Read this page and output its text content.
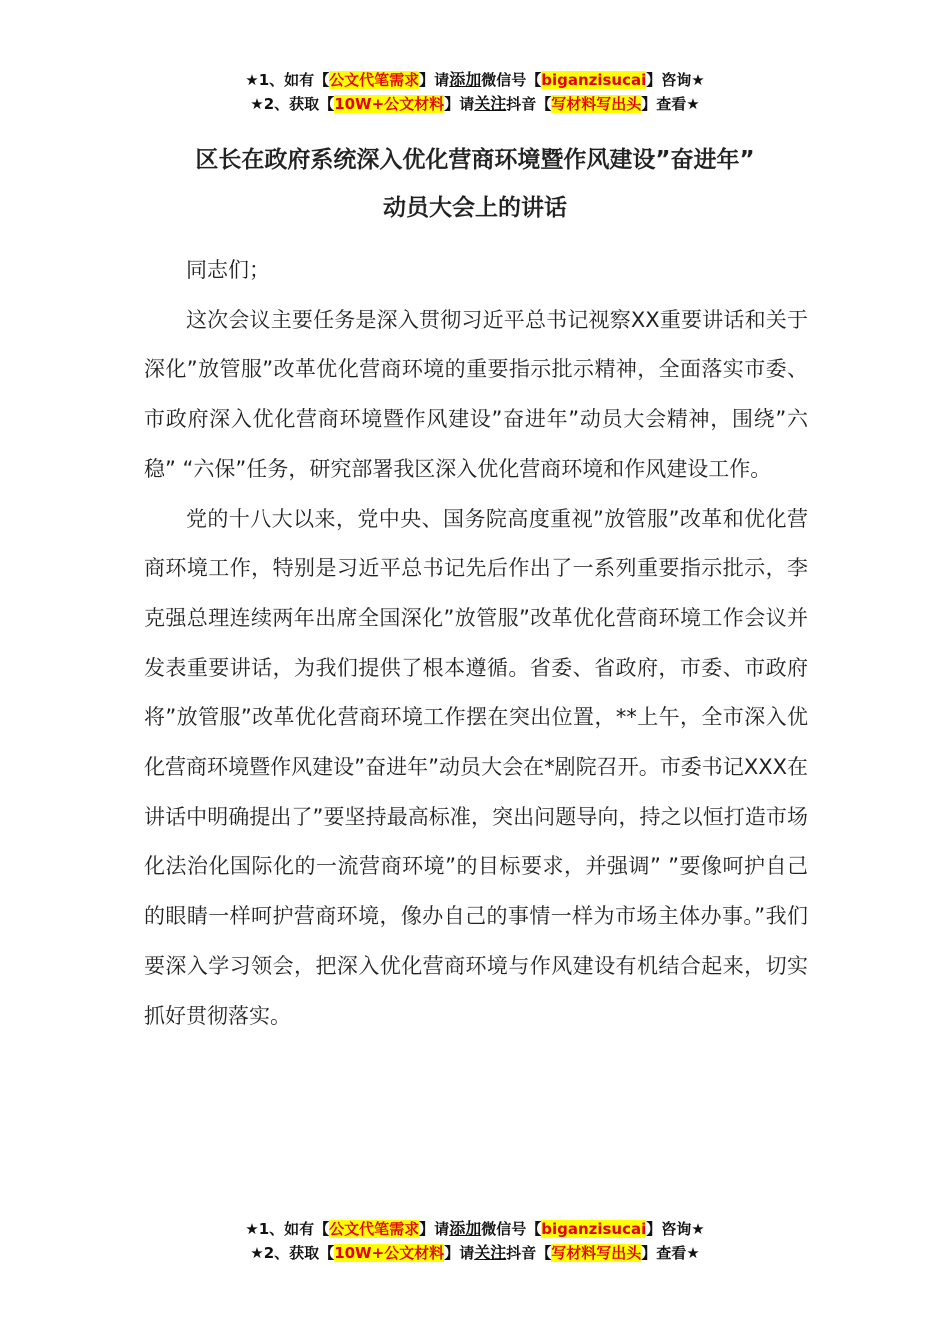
★1、如有【公文代笔需求】请添加微信号【biganzisucai】咨询★
★2、获取【10W+公文材料】请关注抖音【写材料写出头】查看★
区长在政府系统深入优化营商环境暨作风建设”奋进年”
动员大会上的讲话

同志们；

这次会议主要任务是深入贯彻习近平总书记视察XX重要讲话和关于深化”放管服”改革优化营商环境的重要指示批示精神，全面落实市委、市政府深入优化营商环境暨作风建设”奋进年”动员大会精神，围绕”六稳” “六保”任务，研究部署我区深入优化营商环境和作风建设工作。

党的十八大以来，党中央、国务院高度重视”放管服”改革和优化营商环境工作，特别是习近平总书记先后作出了一系列重要指示批示，李克强总理连续两年出席全国深化”放管服”改革优化营商环境工作会议并发表重要讲话，为我们提供了根本遵循。省委、省政府，市委、市政府将”放管服”改革优化营商环境工作摆在突出位置，**上午，全市深入优化营商环境暨作风建设”奋进年”动员大会在*剧院召开。市委书记XXX在讲话中明确提出了”要坚持最高标准，突出问题导向，持之以恒打造市场化法治化国际化的一流营商环境”的目标要求，并强调” ”要像呵护自己的眼睛一样呵护营商环境，像办自己的事情一样为市场主体办事。”我们要深入学习领会，把深入优化营商环境与作风建设有机结合起来，切实抓好贯彻落实。

★1、如有【公文代笔需求】请添加微信号【biganzisucai】咨询★
★2、获取【10W+公文材料】请关注抖音【写材料写出头】查看★
